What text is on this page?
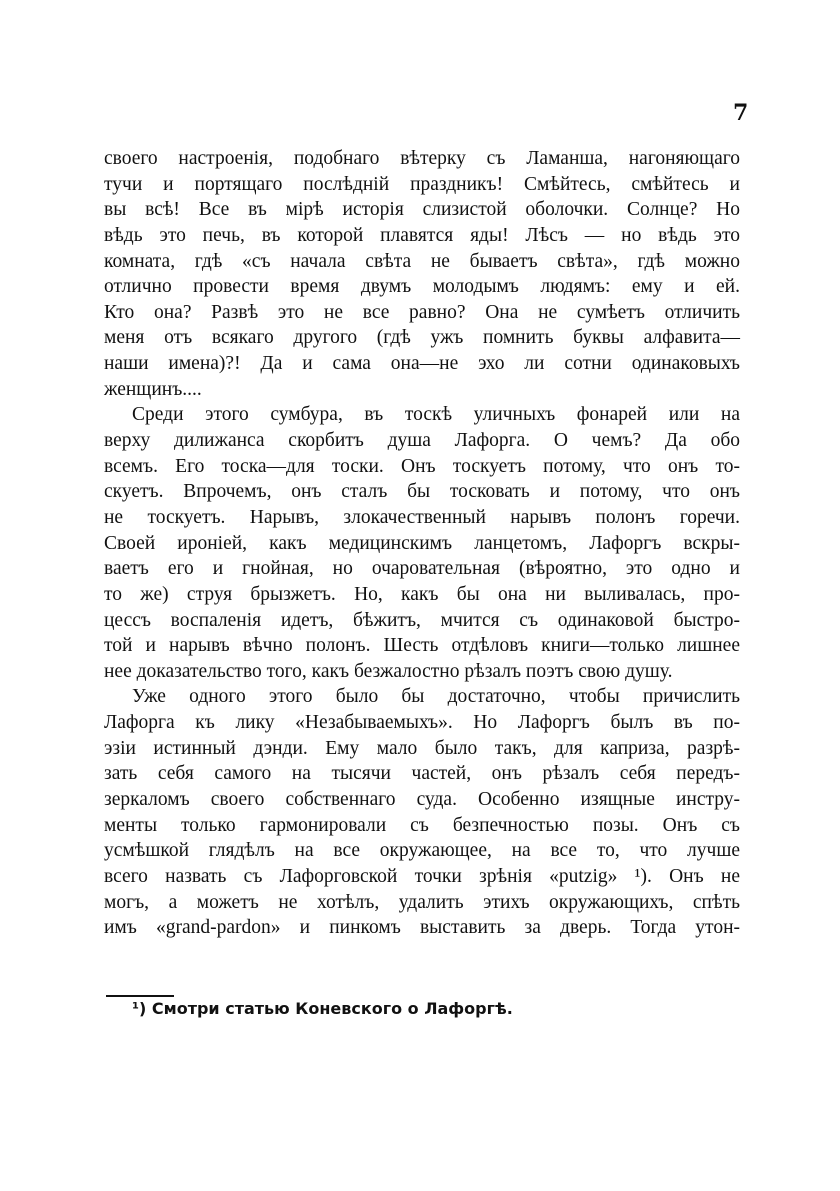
7
своего настроенія, подобнаго вѣтерку съ Ламанша, нагоняющаго
тучи и портящаго послѣдній праздникъ! Смѣйтесь, смѣйтесь и
вы всѣ! Все въ мірѣ исторія слизистой оболочки. Солнце? Но
вѣдь это печь, въ которой плавятся яды! Лѣсъ — но вѣдь это
комната, гдѣ «съ начала свѣта не бываетъ свѣта», гдѣ можно
отлично провести время двумъ молодымъ людямъ: ему и ей.
Кто она? Развѣ это не все равно? Она не сумѣетъ отличить
меня отъ всякаго другого (гдѣ ужъ помнить буквы алфавита—
наши имена)?! Да и сама она—не эхо ли сотни одинаковыхъ
женщинъ....
Среди этого сумбура, въ тоскѣ уличныхъ фонарей или на
верху дилижанса скорбитъ душа Лафорга. О чемъ? Да обо
всемъ. Его тоска—для тоски. Онъ тоскуетъ потому, что онъ то-
скуетъ. Впрочемъ, онъ сталъ бы тосковать и потому, что онъ
не тоскуетъ. Нарывъ, злокачественный нарывъ полонъ горечи.
Своей ироніей, какъ медицинскимъ ланцетомъ, Лафоргъ вскры-
ваетъ его и гнойная, но очаровательная (вѣроятно, это одно и
то же) струя брызжетъ. Но, какъ бы она ни выливалась, про-
цессъ воспаленія идетъ, бѣжитъ, мчится съ одинаковой быстро-
той и нарывъ вѣчно полонъ. Шесть отдѣловъ книги—только лишнее
нее доказательство того, какъ безжалостно рѣзалъ поэтъ свою душу.
Уже одного этого было бы достаточно, чтобы причислить
Лафорга къ лику «Незабываемыхъ». Но Лафоргъ былъ въ по-
эзіи истинный дэнди. Ему мало было такъ, для каприза, разрѣ-
зать себя самого на тысячи частей, онъ рѣзалъ себя передъ-
зеркаломъ своего собственнаго суда. Особенно изящные инстру-
менты только гармонировали съ безпечностью позы. Онъ съ
усмѣшкой глядѣлъ на все окружающее, на все то, что лучше
всего назвать съ Лафорговской точки зрѣнія «putzig» ¹). Онъ не
могъ, а можетъ не хотѣлъ, удалить этихъ окружающихъ, спѣть
имъ «grand-pardon» и пинкомъ выставить за дверь. Тогда утон-
¹) Смотри статью Коневского о Лафоргѣ.
